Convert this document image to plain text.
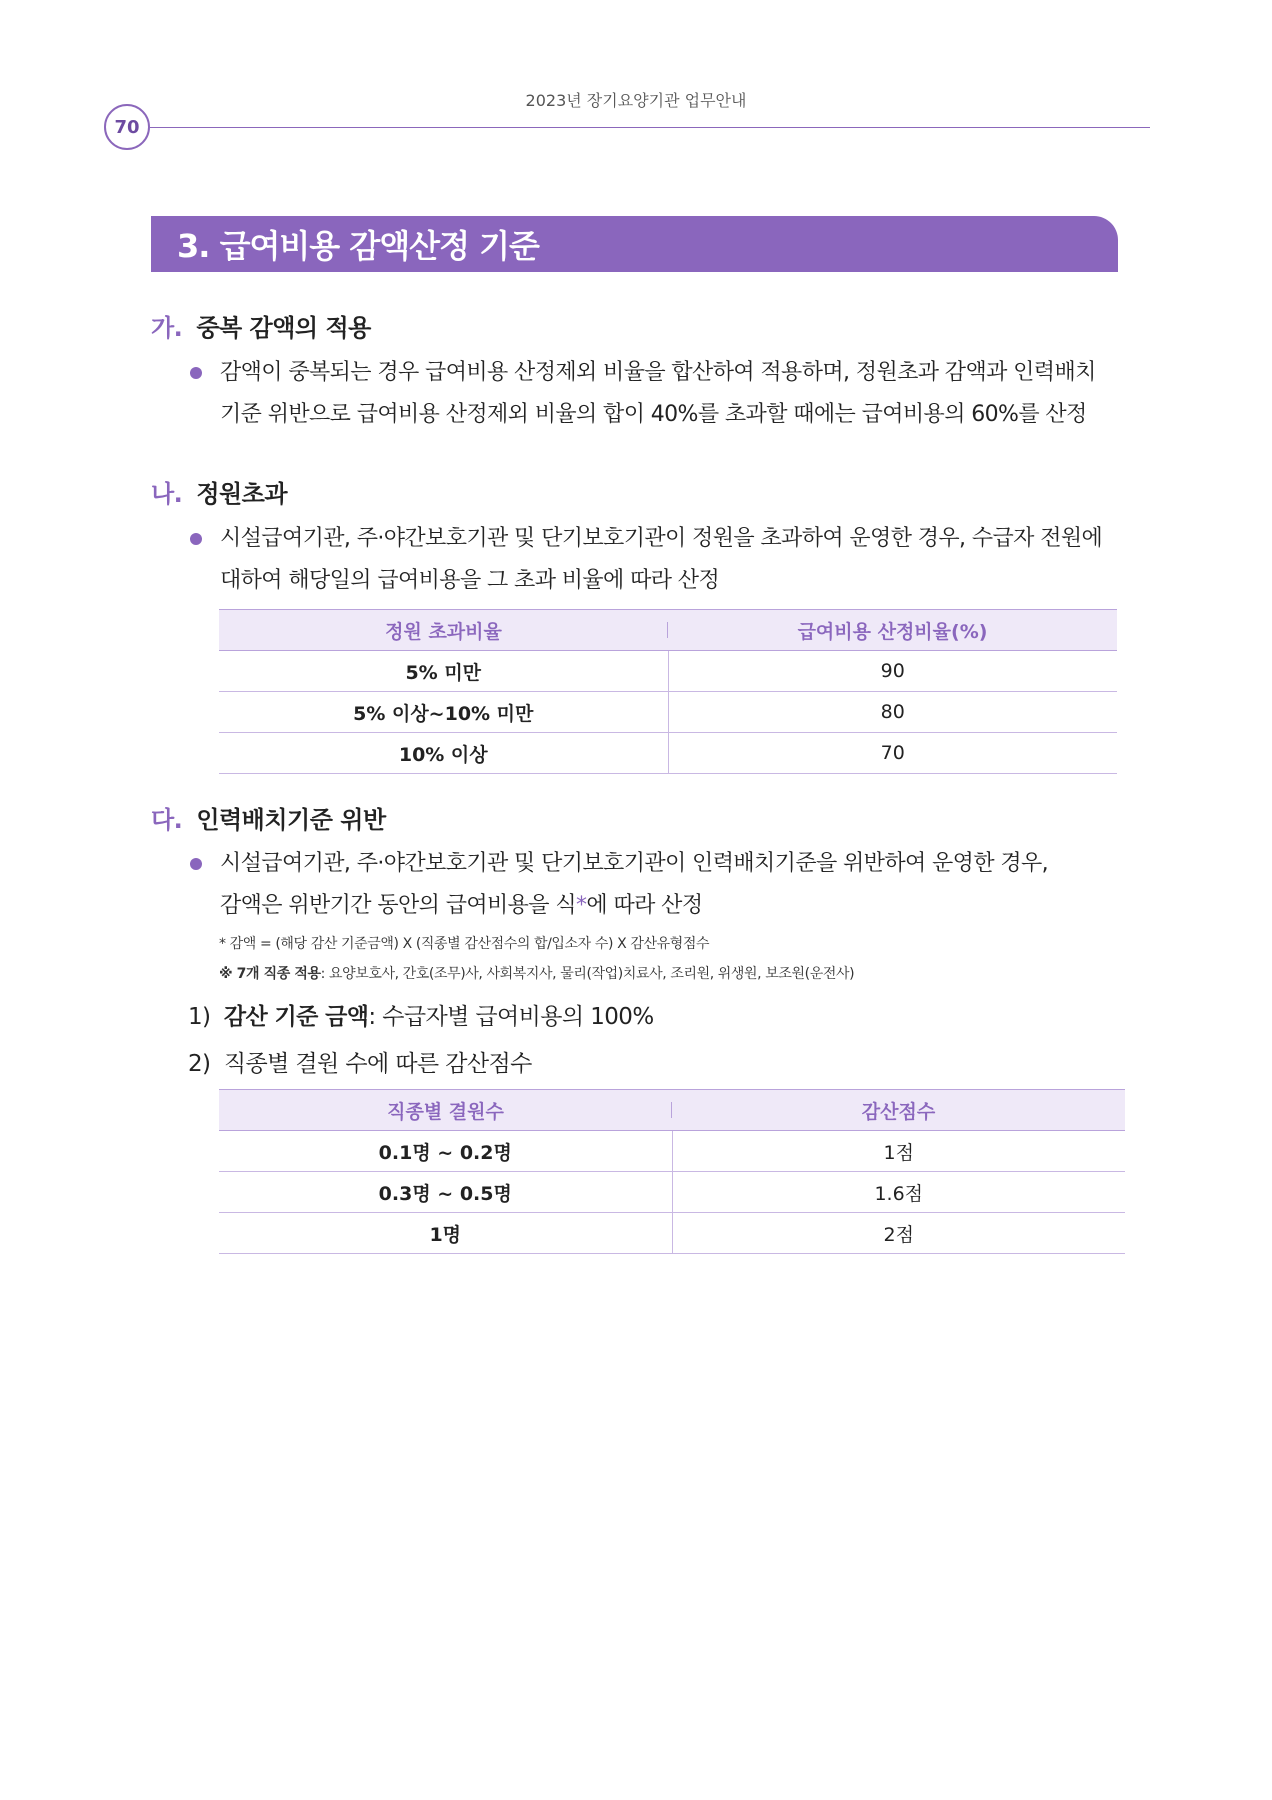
2023년 장기요양기관 업무안내
70
3. 급여비용 감액산정 기준
가. 중복 감액의 적용
감액이 중복되는 경우 급여비용 산정제외 비율을 합산하여 적용하며, 정원초과 감액과 인력배치
기준 위반으로 급여비용 산정제외 비율의 합이 40%를 초과할 때에는 급여비용의 60%를 산정
나. 정원초과
시설급여기관, 주·야간보호기관 및 단기보호기관이 정원을 초과하여 운영한 경우, 수급자 전원에
대하여 해당일의 급여비용을 그 초과 비율에 따라 산정
정원 초과비율	급여비용 산정비율(%)
5% 미만	90
5% 이상~10% 미만	80
10% 이상	70
다. 인력배치기준 위반
시설급여기관, 주·야간보호기관 및 단기보호기관이 인력배치기준을 위반하여 운영한 경우,
감액은 위반기간 동안의 급여비용을 식*에 따라 산정
* 감액 = (해당 감산 기준금액) X (직종별 감산점수의 합/입소자 수) X 감산유형점수
※ 7개 직종 적용: 요양보호사, 간호(조무)사, 사회복지사, 물리(작업)치료사, 조리원, 위생원, 보조원(운전사)
1) 감산 기준 금액: 수급자별 급여비용의 100%
2) 직종별 결원 수에 따른 감산점수
직종별 결원수	감산점수
0.1명 ~ 0.2명	1점
0.3명 ~ 0.5명	1.6점
1명	2점
